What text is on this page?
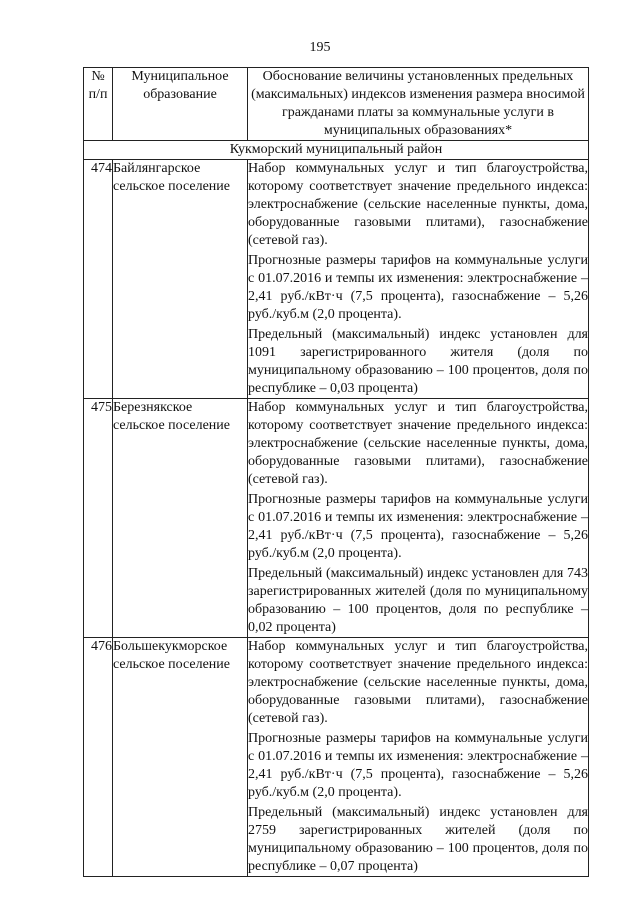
195
№ п/п	Муниципальное образование	Обоснование величины установленных предельных (максимальных) индексов изменения размера вносимой гражданами платы за коммунальные услуги в муниципальных образованиях*
Кукморский муниципальный район		
474	Байлянгарское сельское поселение	Набор коммунальных услуг и тип благоустройства, которому соответствует значение предельного индекса: электроснабжение (сельские населенные пункты, дома, оборудованные газовыми плитами), газоснабжение (сетевой газ).
Прогнозные размеры тарифов на коммунальные услуги с 01.07.2016 и темпы их изменения: электроснабжение – 2,41 руб./кВт·ч (7,5 процента), газоснабжение – 5,26 руб./куб.м (2,0 процента).
Предельный (максимальный) индекс установлен для 1091 зарегистрированного жителя (доля по муниципальному образованию – 100 процентов, доля по республике – 0,03 процента)

475	Березнякское сельское поселение	Набор коммунальных услуг и тип благоустройства, которому соответствует значение предельного индекса: электроснабжение (сельские населенные пункты, дома, оборудованные газовыми плитами), газоснабжение (сетевой газ).
Прогнозные размеры тарифов на коммунальные услуги с 01.07.2016 и темпы их изменения: электроснабжение – 2,41 руб./кВт·ч (7,5 процента), газоснабжение – 5,26 руб./куб.м (2,0 процента).
Предельный (максимальный) индекс установлен для 743 зарегистрированных жителей (доля по муниципальному образованию – 100 процентов, доля по республике – 0,02 процента)

476	Большекукморское сельское поселение	Набор коммунальных услуг и тип благоустройства, которому соответствует значение предельного индекса: электроснабжение (сельские населенные пункты, дома, оборудованные газовыми плитами), газоснабжение (сетевой газ).
Прогнозные размеры тарифов на коммунальные услуги с 01.07.2016 и темпы их изменения: электроснабжение – 2,41 руб./кВт·ч (7,5 процента), газоснабжение – 5,26 руб./куб.м (2,0 процента).
Предельный (максимальный) индекс установлен для 2759 зарегистрированных жителей (доля по муниципальному образованию – 100 процентов, доля по республике – 0,07 процента)
